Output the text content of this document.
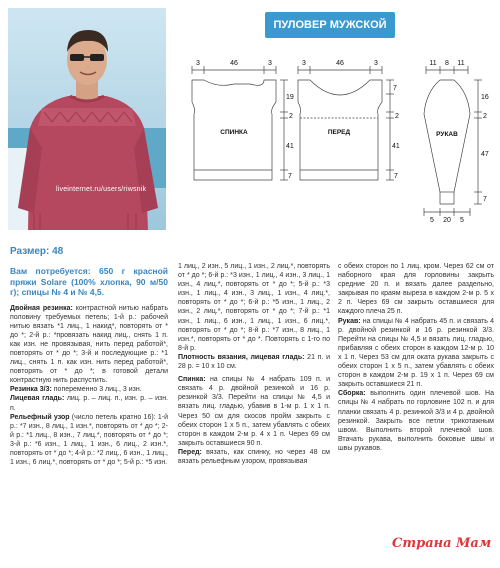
liveinternet.ru/users/riwsnik
ПУЛОВЕР МУЖСКОЙ
СПИНКА
3	46	3
19
2
41
7
ПЕРЕД
3	46	3
7
2
41
7
РУКАВ
11 8 11
16
2
47
7
5 20 5
Размер: 48

Вам потребуется: 650 г красной пряжи Solare (100% хлопка, 90 м/50 г); спицы № 4 и № 4,5.

Двойная резинка: контрастной нитью набрать половину требуемых петель; 1-й р.: рабочей нитью вязать *1 лиц., 1 накид*, повторять от * до *; 2-й р.: *провязать накид лиц., снять 1 п. как изн. не провязывая, нить перед работой*, повторять от * до *; 3-й и последующие р.: *1 лиц., снять 1 п. как изн. нить перед работой*, повторять от * до *; в готовой детали контрастную нить распустить.

Резинка 3/3: попеременно 3 лиц., 3 изн.

Лицевая гладь: лиц. р. – лиц. п., изн. р. – изн. п.

Рельефный узор (число петель кратно 16): 1-й р.: *7 изн., 8 лиц., 1 изн.*, повторять от * до *; 2-й р.: *1 лиц., 8 изн., 7 лиц.*, повторять от * до *; 3-й р.: *6 изн., 1 лиц., 1 изн., 6 лиц., 2 изн.*, повторять от * до *; 4-й р.: *2 лиц., 6 изн., 1 лиц., 1 изн., 6 лиц.*, повторять от * до *; 5-й р.: *5 изн.

1 лиц., 2 изн., 5 лиц., 1 изн., 2 лиц.*, повторять от * до *; 6-й р.: *3 изн., 1 лиц., 4 изн., 3 лиц., 1 изн., 4 лиц.*, повторять от * до *; 5-й р.: *3 изн., 1 лиц., 4 изн., 3 лиц., 1 изн., 4 лиц.*, повторять от * до *; 6-й р.: *5 изн., 1 лиц., 2 изн., 2 лиц.*, повторять от * до *; 7-й р.: *1 изн., 1 лиц., 6 изн., 1 лиц., 1 изн., 6 лиц.*, повторять от * до *; 8-й р.: *7 изн., 8 лиц., 1 изн.*, повторять от * до *. Повторять с 1-го по 8-й р.

Плотность вязания, лицевая гладь: 21 п. и 28 р. = 10 х 10 см.

Спинка: на спицы № 4 набрать 109 п. и связать 4 р. двойной резинкой и 16 р. резинкой 3/3. Перейти на спицы № 4,5 и вязать лиц. гладью, убавив в 1-м р. 1 х 1 п. Через 50 см для скосов пройм закрыть с обеих сторон 1 х 5 п., затем убавлять с обеих сторон в каждом 2-м р. 4 х 1 п. Через 69 см закрыть оставшиеся 90 п.

Перед: вязать, как спинку, но через 48 см вязать рельефным узором, провязывая

с обеих сторон по 1 лиц. кром. Через 62 см от наборного края для горловины закрыть средние 20 п. и вязать далее раздельно, закрывая по краям выреза в каждом 2-м р. 5 х 2 п. Через 69 см закрыть оставшиеся для каждого плеча 25 п.

Рукав: на спицы № 4 набрать 45 п. и связать 4 р. двойной резинкой и 16 р. резинкой 3/3. Перейти на спицы № 4,5 и вязать лиц. гладью, прибавляя с обеих сторон в каждом 12-м р. 10 х 1 п. Через 53 см для оката рукава закрыть с обеих сторон 1 х 5 п., затем убавлять с обеих сторон в каждом 2-м р. 19 х 1 п. Через 69 см закрыть оставшиеся 21 п.

Сборка: выполнить один плечевой шов. На спицы № 4 набрать по горловине 102 п. и для планки связать 4 р. резинкой 3/3 и 4 р. двойной резинкой. Закрыть все петли трикотажным швом. Выполнить второй плечевой шов. Втачать рукава, выполнить боковые швы и швы рукавов.

Страна Мам
